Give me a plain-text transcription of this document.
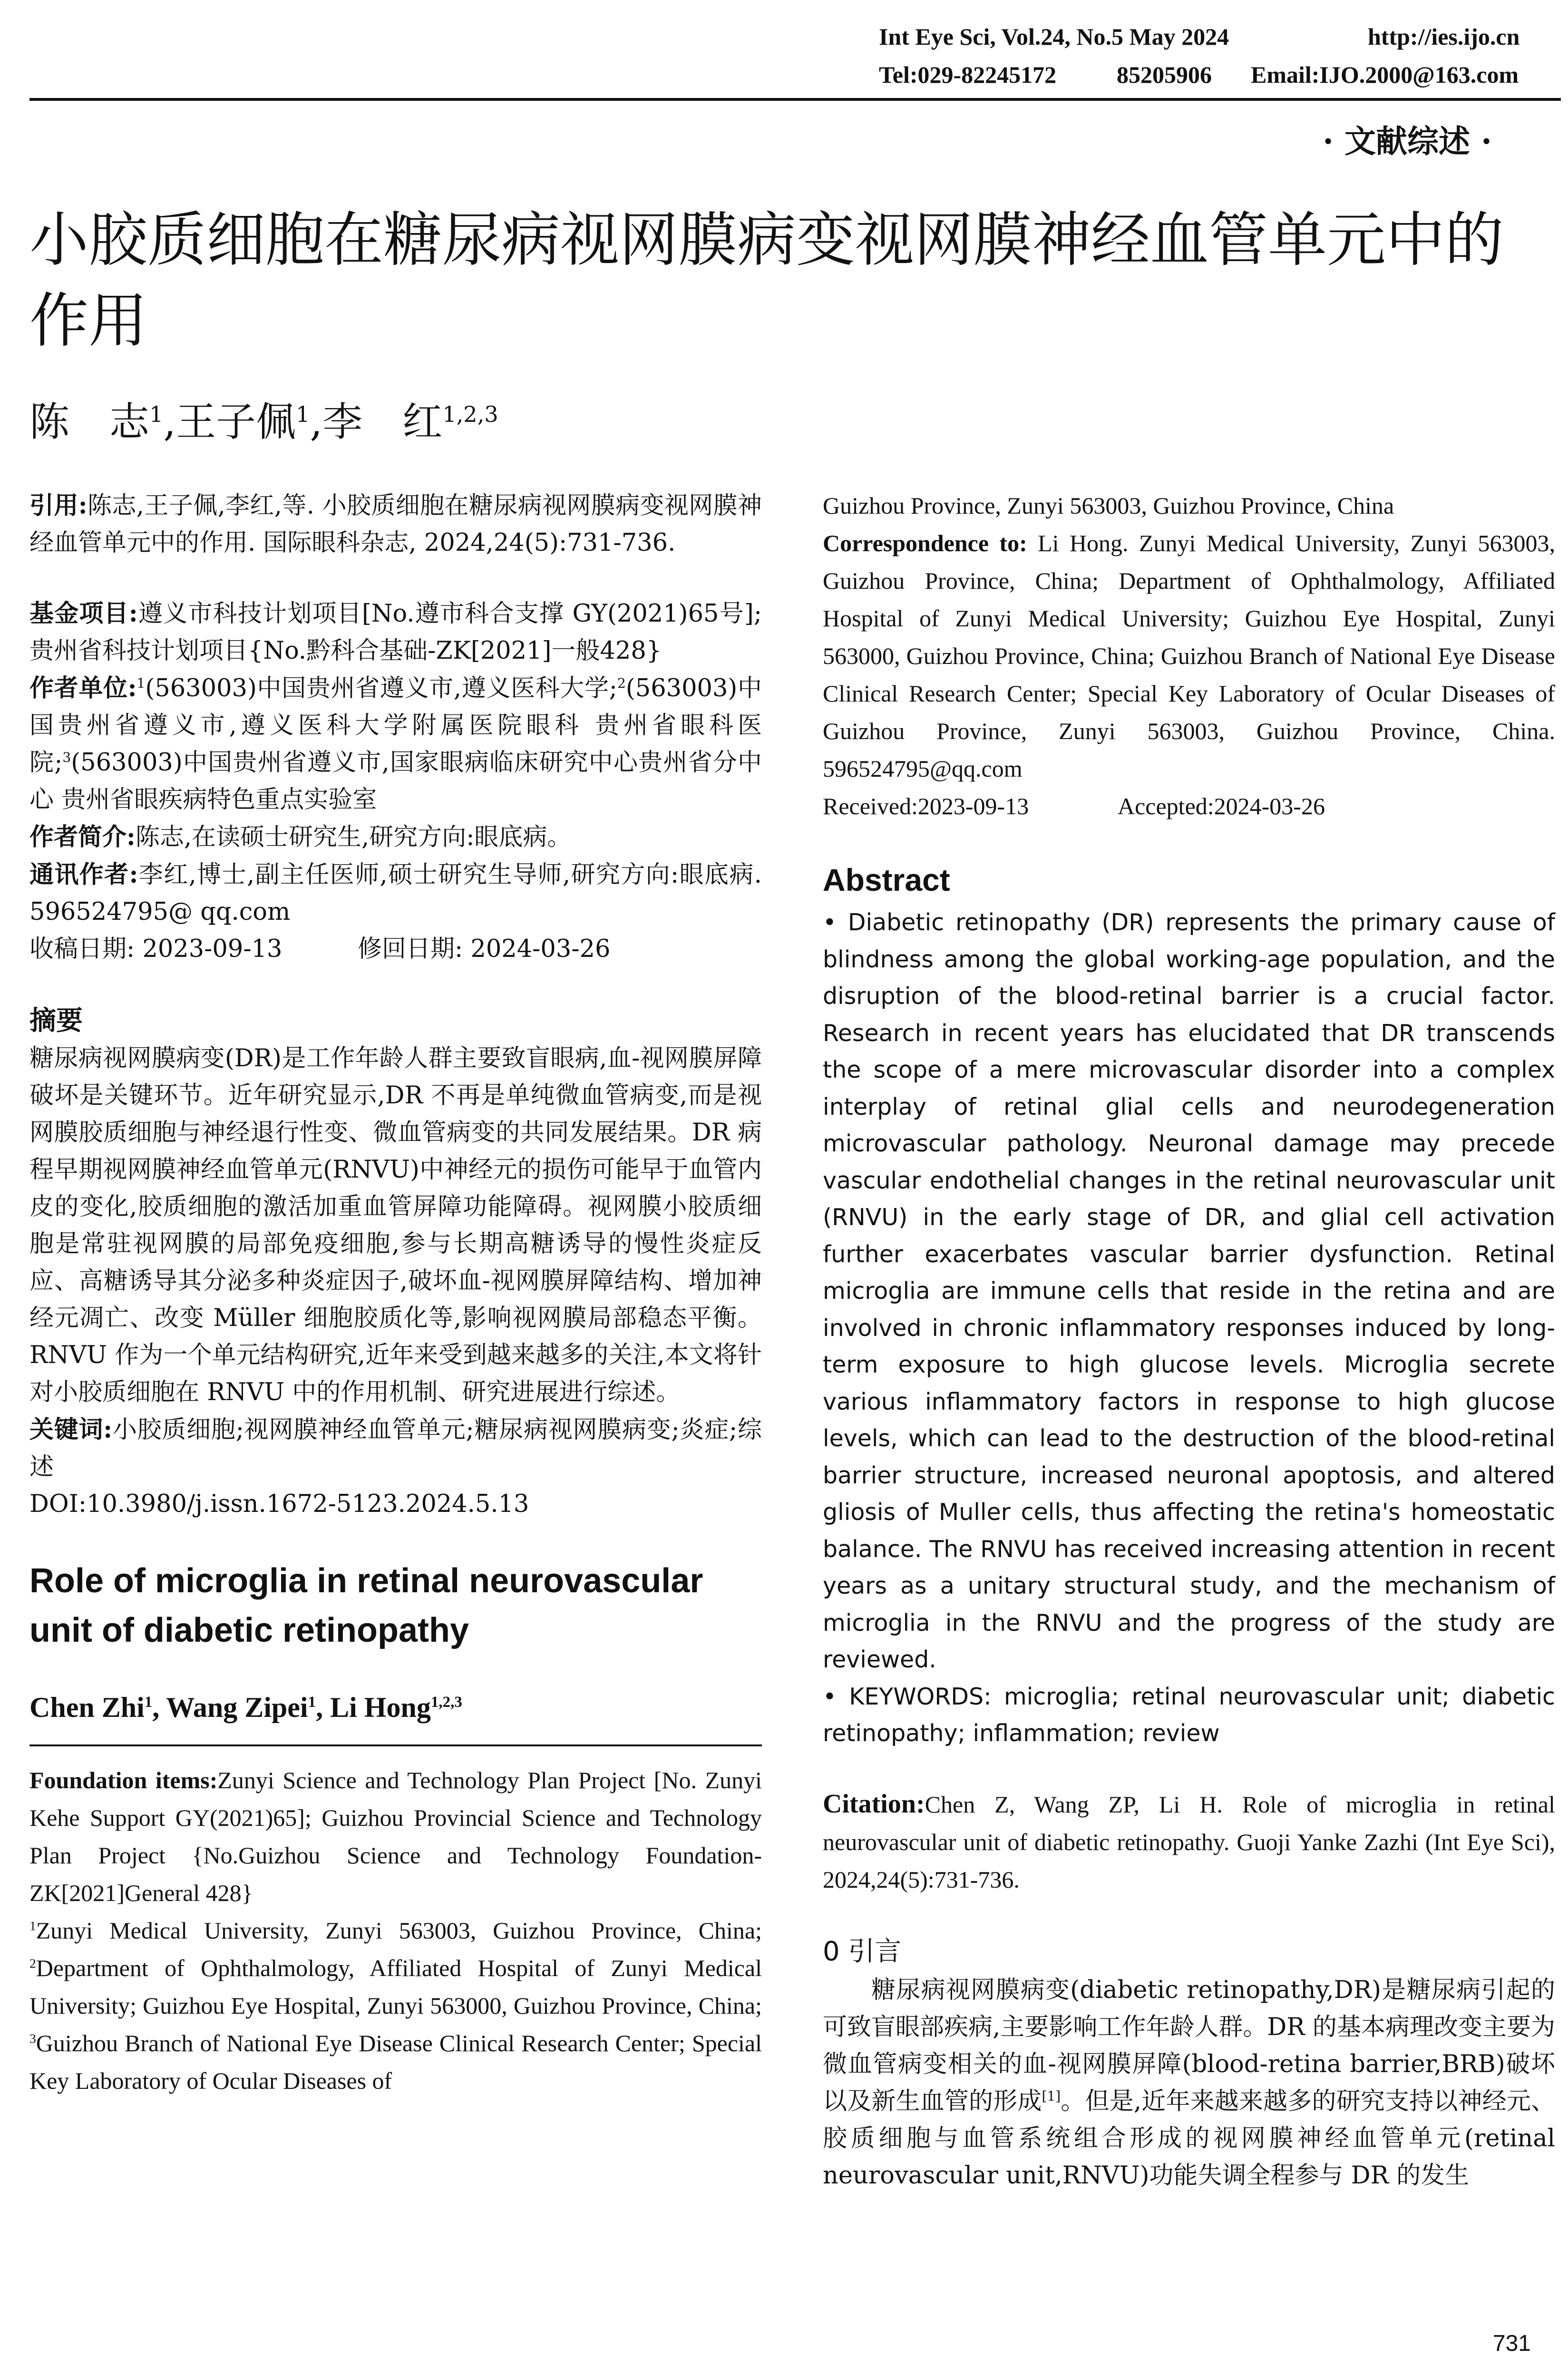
Int Eye Sci, Vol.24, No.5 May 2024	http://ies.ijo.cn
Tel:029-82245172	85205906 Email:IJO.2000@163.com
· 文献综述 ·
小胶质细胞在糖尿病视网膜病变视网膜神经血管单元中的作用
陈　志$^1$,王子佩$^1$,李　红$^{1,2,3}$

引用:陈志,王子佩,李红,等. 小胶质细胞在糖尿病视网膜病变视网膜神经血管单元中的作用. 国际眼科杂志, 2024,24(5):731-736.

基金项目:遵义市科技计划项目[No.遵市科合支撑 GY(2021)65号];贵州省科技计划项目{No.黔科合基础-ZK[2021]一般428}

作者单位:$^1$(563003)中国贵州省遵义市,遵义医科大学;$^2$(563003)中国贵州省遵义市,遵义医科大学附属医院眼科 贵州省眼科医院;$^3$(563003)中国贵州省遵义市,国家眼病临床研究中心贵州省分中心 贵州省眼疾病特色重点实验室

作者简介:陈志,在读硕士研究生,研究方向:眼底病。

通讯作者:李红,博士,副主任医师,硕士研究生导师,研究方向:眼底病. 596524795@ qq.com

收稿日期: 2023-09-13	修回日期: 2024-03-26

摘要

糖尿病视网膜病变(DR)是工作年龄人群主要致盲眼病,血-视网膜屏障破坏是关键环节。近年研究显示,DR 不再是单纯微血管病变,而是视网膜胶质细胞与神经退行性变、微血管病变的共同发展结果。DR 病程早期视网膜神经血管单元(RNVU)中神经元的损伤可能早于血管内皮的变化,胶质细胞的激活加重血管屏障功能障碍。视网膜小胶质细胞是常驻视网膜的局部免疫细胞,参与长期高糖诱导的慢性炎症反应、高糖诱导其分泌多种炎症因子,破坏血-视网膜屏障结构、增加神经元凋亡、改变 Müller 细胞胶质化等,影响视网膜局部稳态平衡。RNVU 作为一个单元结构研究,近年来受到越来越多的关注,本文将针对小胶质细胞在 RNVU 中的作用机制、研究进展进行综述。

关键词:小胶质细胞;视网膜神经血管单元;糖尿病视网膜病变;炎症;综述

DOI:10.3980/j.issn.1672-5123.2024.5.13

Role of microglia in retinal neurovascular unit of diabetic retinopathy

Chen Zhi$^1$, Wang Zipei$^1$, Li Hong$^{1,2,3}$

Foundation items:Zunyi Science and Technology Plan Project [No. Zunyi Kehe Support GY(2021)65]; Guizhou Provincial Science and Technology Plan Project {No.Guizhou Science and Technology Foundation-ZK[2021]General 428}

$^1$Zunyi Medical University, Zunyi 563003, Guizhou Province, China; $^2$Department of Ophthalmology, Affiliated Hospital of Zunyi Medical University; Guizhou Eye Hospital, Zunyi 563000, Guizhou Province, China; $^3$Guizhou Branch of National Eye Disease Clinical Research Center; Special Key Laboratory of Ocular Diseases of

Guizhou Province, Zunyi 563003, Guizhou Province, China

Correspondence to: Li Hong. Zunyi Medical University, Zunyi 563003, Guizhou Province, China; Department of Ophthalmology, Affiliated Hospital of Zunyi Medical University; Guizhou Eye Hospital, Zunyi 563000, Guizhou Province, China; Guizhou Branch of National Eye Disease Clinical Research Center; Special Key Laboratory of Ocular Diseases of Guizhou Province, Zunyi 563003, Guizhou Province, China. 596524795@qq.com

Received:2023-09-13	Accepted:2024-03-26

Abstract

• Diabetic retinopathy (DR) represents the primary cause of blindness among the global working-age population, and the disruption of the blood-retinal barrier is a crucial factor. Research in recent years has elucidated that DR transcends the scope of a mere microvascular disorder into a complex interplay of retinal glial cells and neurodegeneration microvascular pathology. Neuronal damage may precede vascular endothelial changes in the retinal neurovascular unit (RNVU) in the early stage of DR, and glial cell activation further exacerbates vascular barrier dysfunction. Retinal microglia are immune cells that reside in the retina and are involved in chronic inflammatory responses induced by long-term exposure to high glucose levels. Microglia secrete various inflammatory factors in response to high glucose levels, which can lead to the destruction of the blood-retinal barrier structure, increased neuronal apoptosis, and altered gliosis of Muller cells, thus affecting the retina's homeostatic balance. The RNVU has received increasing attention in recent years as a unitary structural study, and the mechanism of microglia in the RNVU and the progress of the study are reviewed.

• KEYWORDS: microglia; retinal neurovascular unit; diabetic retinopathy; inflammation; review

Citation:Chen Z, Wang ZP, Li H. Role of microglia in retinal neurovascular unit of diabetic retinopathy. Guoji Yanke Zazhi (Int Eye Sci), 2024,24(5):731-736.

0 引言

糖尿病视网膜病变(diabetic retinopathy,DR)是糖尿病引起的可致盲眼部疾病,主要影响工作年龄人群。DR 的基本病理改变主要为微血管病变相关的血-视网膜屏障(blood-retina barrier,BRB)破坏以及新生血管的形成[1]。但是,近年来越来越多的研究支持以神经元、胶质细胞与血管系统组合形成的视网膜神经血管单元(retinal neurovascular unit,RNVU)功能失调全程参与 DR 的发生

731
